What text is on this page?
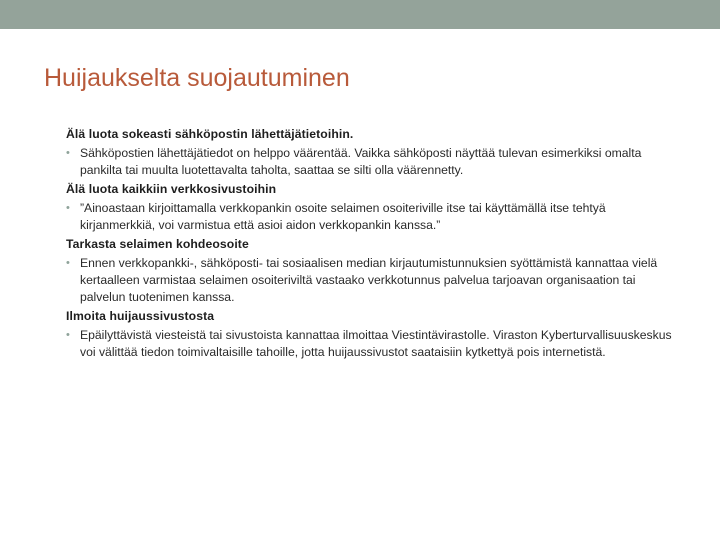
Huijaukselta suojautuminen

Älä luota sokeasti sähköpostin lähettäjätietoihin.

• Sähköpostien lähettäjätiedot on helppo väärentää. Vaikka sähköposti näyttää tulevan esimerkiksi omalta pankilta tai muulta luotettavalta taholta, saattaa se silti olla väärennetty.

Älä luota kaikkiin verkkosivustoihin

• ”Ainoastaan kirjoittamalla verkkopankin osoite selaimen osoiteriville itse tai käyttämällä itse tehtyä kirjanmerkkiä, voi varmistua että asioi aidon verkkopankin kanssa.”

Tarkasta selaimen kohdeosoite

• Ennen verkkopankki-, sähköposti- tai sosiaalisen median kirjautumistunnuksien syöttämistä kannattaa vielä kertaalleen varmistaa selaimen osoiteriviltä vastaako verkkotunnus palvelua tarjoavan organisaation tai palvelun tuotenimen kanssa.

Ilmoita huijaussivustosta

• Epäilyttävistä viesteistä tai sivustoista kannattaa ilmoittaa Viestintävirastolle. Viraston Kyberturvallisuuskeskus voi välittää tiedon toimivaltaisille tahoille, jotta huijaussivustot saataisiin kytkettyä pois internetistä.
